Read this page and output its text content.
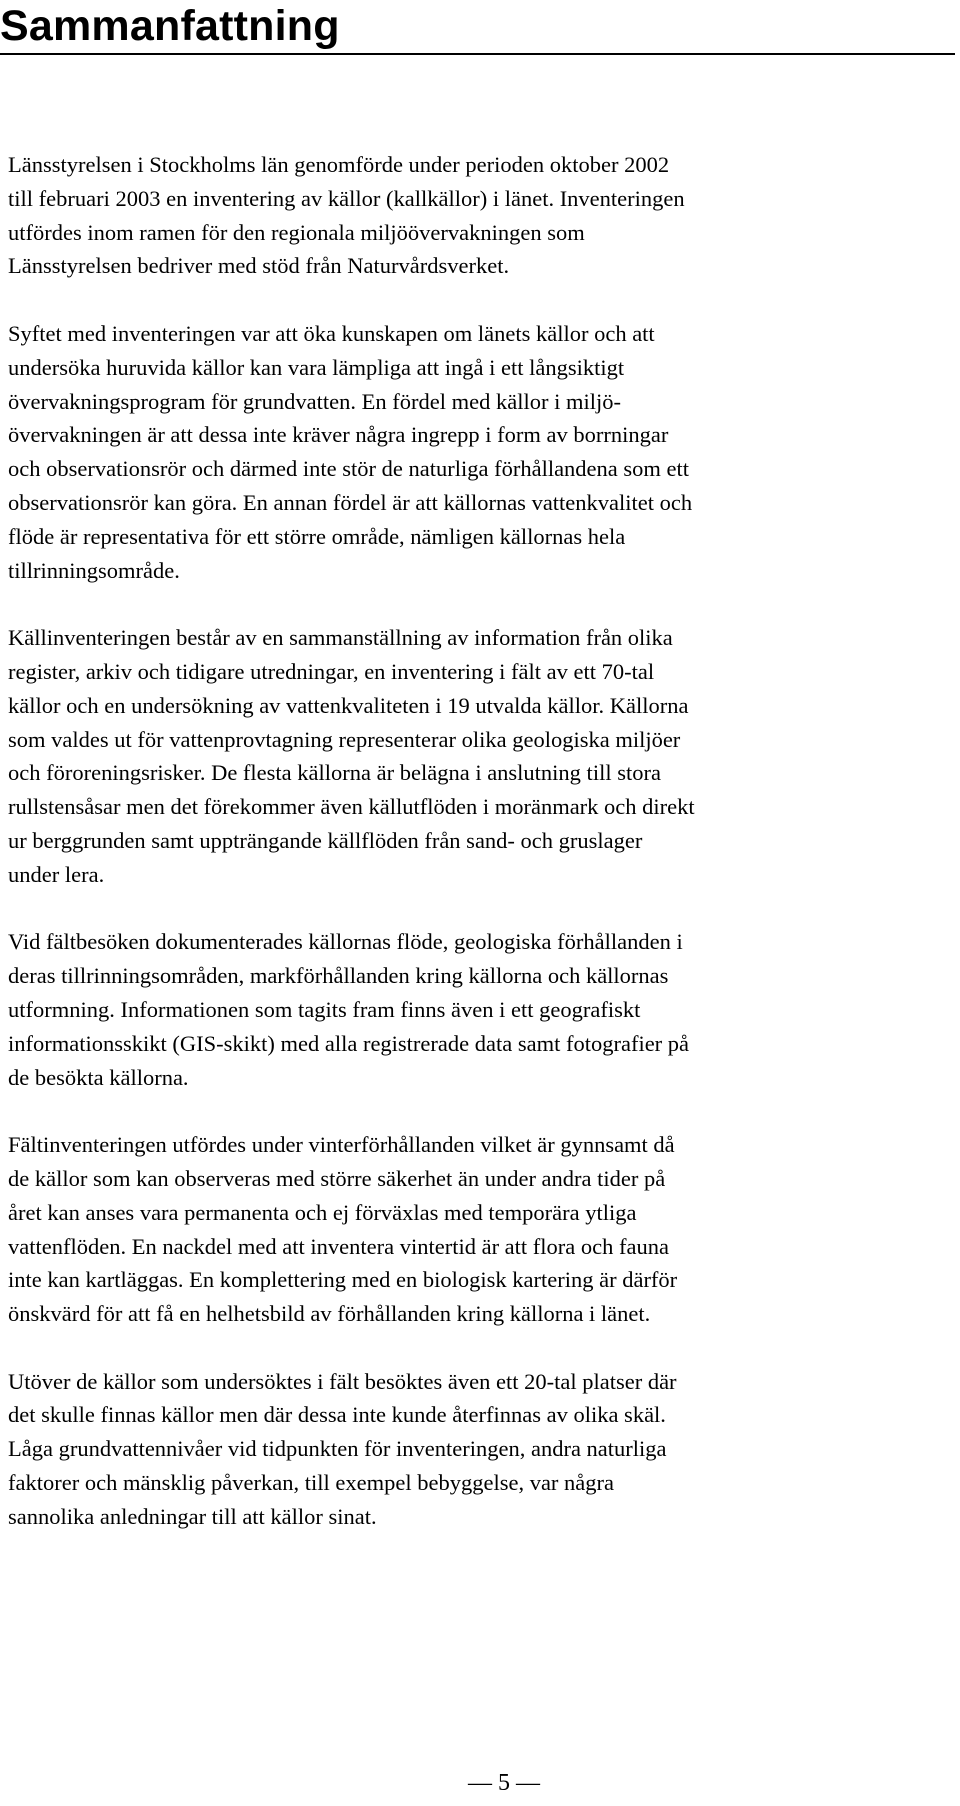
Sammanfattning

Länsstyrelsen i Stockholms län genomförde under perioden oktober 2002
till februari 2003 en inventering av källor (kallkällor) i länet. Inventeringen
utfördes inom ramen för den regionala miljöövervakningen som
Länsstyrelsen bedriver med stöd från Naturvårdsverket.

Syftet med inventeringen var att öka kunskapen om länets källor och att
undersöka huruvida källor kan vara lämpliga att ingå i ett långsiktigt
övervakningsprogram för grundvatten. En fördel med källor i miljö-
övervakningen är att dessa inte kräver några ingrepp i form av borrningar
och observationsrör och därmed inte stör de naturliga förhållandena som ett
observationsrör kan göra. En annan fördel är att källornas vattenkvalitet och
flöde är representativa för ett större område, nämligen källornas hela
tillrinningsområde.

Källinventeringen består av en sammanställning av information från olika
register, arkiv och tidigare utredningar, en inventering i fält av ett 70-tal
källor och en undersökning av vattenkvaliteten i 19 utvalda källor. Källorna
som valdes ut för vattenprovtagning representerar olika geologiska miljöer
och föroreningsrisker. De flesta källorna är belägna i anslutning till stora
rullstensåsar men det förekommer även källutflöden i moränmark och direkt
ur berggrunden samt uppträngande källflöden från sand- och gruslager
under lera.

Vid fältbesöken dokumenterades källornas flöde, geologiska förhållanden i
deras tillrinningsområden, markförhållanden kring källorna och källornas
utformning. Informationen som tagits fram finns även i ett geografiskt
informationsskikt (GIS-skikt) med alla registrerade data samt fotografier på
de besökta källorna.

Fältinventeringen utfördes under vinterförhållanden vilket är gynnsamt då
de källor som kan observeras med större säkerhet än under andra tider på
året kan anses vara permanenta och ej förväxlas med temporära ytliga
vattenflöden. En nackdel med att inventera vintertid är att flora och fauna
inte kan kartläggas. En komplettering med en biologisk kartering är därför
önskvärd för att få en helhetsbild av förhållanden kring källorna i länet.

Utöver de källor som undersöktes i fält besöktes även ett 20-tal platser där
det skulle finnas källor men där dessa inte kunde återfinnas av olika skäl.
Låga grundvattennivåer vid tidpunkten för inventeringen, andra naturliga
faktorer och mänsklig påverkan, till exempel bebyggelse, var några
sannolika anledningar till att källor sinat.

— 5 —
